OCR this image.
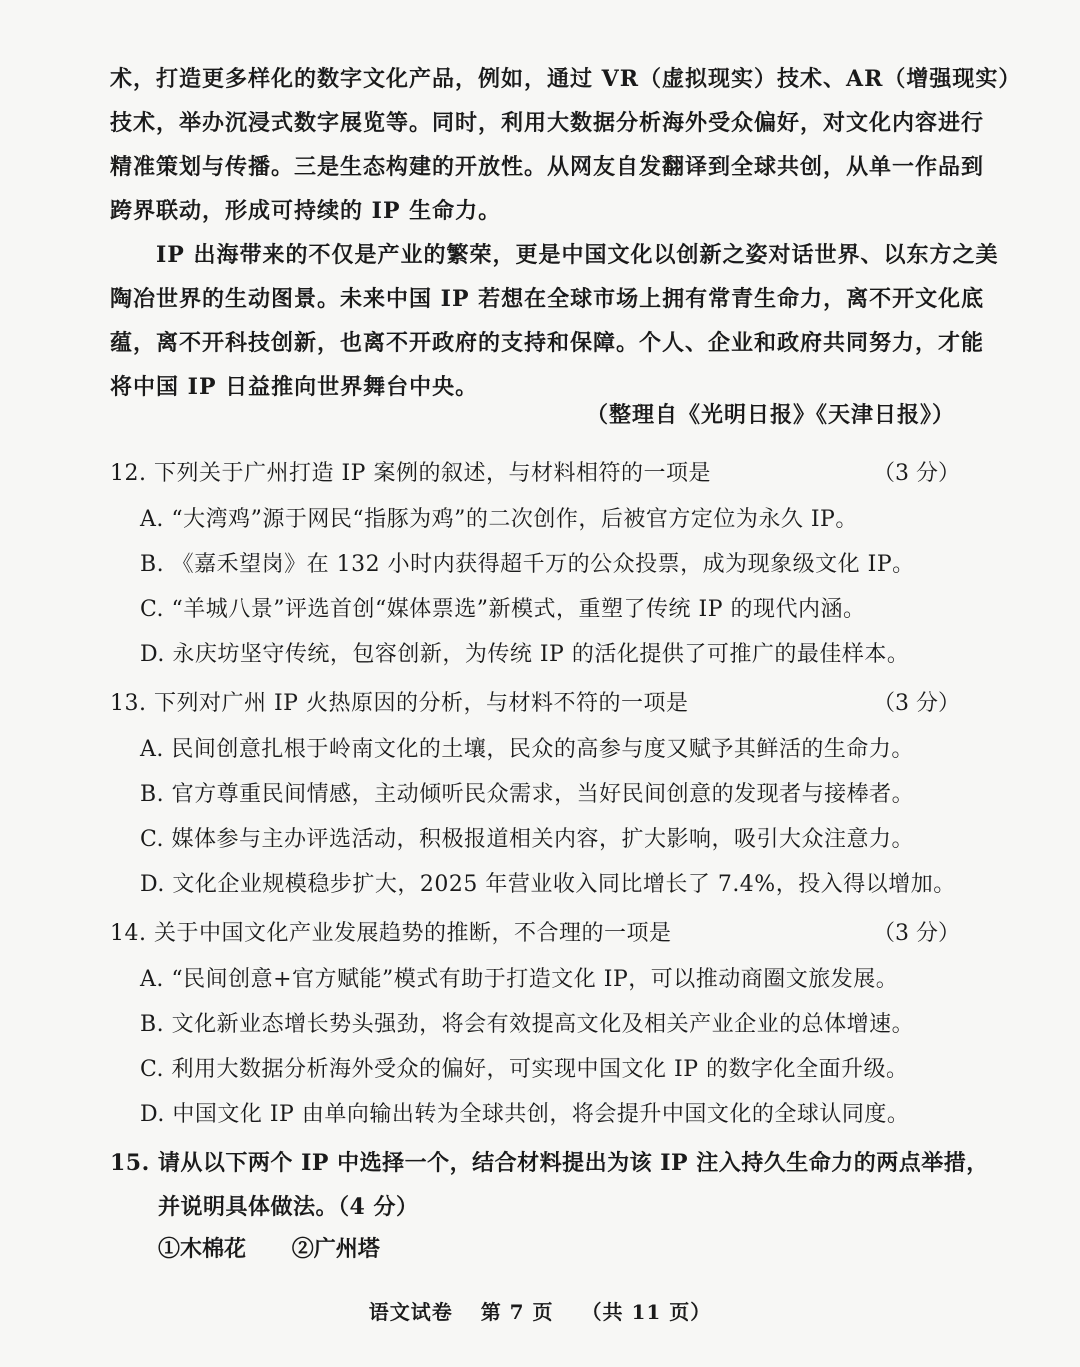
术，打造更多样化的数字文化产品，例如，通过 VR（虚拟现实）技术、AR（增强现实）
技术，举办沉浸式数字展览等。同时，利用大数据分析海外受众偏好，对文化内容进行
精准策划与传播。三是生态构建的开放性。从网友自发翻译到全球共创，从单一作品到
跨界联动，形成可持续的 IP 生命力。
　　IP 出海带来的不仅是产业的繁荣，更是中国文化以创新之姿对话世界、以东方之美
陶冶世界的生动图景。未来中国 IP 若想在全球市场上拥有常青生命力，离不开文化底
蕴，离不开科技创新，也离不开政府的支持和保障。个人、企业和政府共同努力，才能
将中国 IP 日益推向世界舞台中央。
（整理自《光明日报》《天津日报》）
12. 下列关于广州打造 IP 案例的叙述，与材料相符的一项是	（3 分）
A. “大湾鸡”源于网民“指豚为鸡”的二次创作，后被官方定位为永久 IP。
B. 《嘉禾望岗》在 132 小时内获得超千万的公众投票，成为现象级文化 IP。
C. “羊城八景”评选首创“媒体票选”新模式，重塑了传统 IP 的现代内涵。
D. 永庆坊坚守传统，包容创新，为传统 IP 的活化提供了可推广的最佳样本。
13. 下列对广州 IP 火热原因的分析，与材料不符的一项是	（3 分）
A. 民间创意扎根于岭南文化的土壤，民众的高参与度又赋予其鲜活的生命力。
B. 官方尊重民间情感，主动倾听民众需求，当好民间创意的发现者与接棒者。
C. 媒体参与主办评选活动，积极报道相关内容，扩大影响，吸引大众注意力。
D. 文化企业规模稳步扩大，2025 年营业收入同比增长了 7.4%，投入得以增加。
14. 关于中国文化产业发展趋势的推断，不合理的一项是	（3 分）
A. “民间创意+官方赋能”模式有助于打造文化 IP，可以推动商圈文旅发展。
B. 文化新业态增长势头强劲，将会有效提高文化及相关产业企业的总体增速。
C. 利用大数据分析海外受众的偏好，可实现中国文化 IP 的数字化全面升级。
D. 中国文化 IP 由单向输出转为全球共创，将会提升中国文化的全球认同度。
15. 请从以下两个 IP 中选择一个，结合材料提出为该 IP 注入持久生命力的两点举措，
并说明具体做法。（4 分）
①木棉花 ②广州塔
语文试卷 第 7 页 （共 11 页）
